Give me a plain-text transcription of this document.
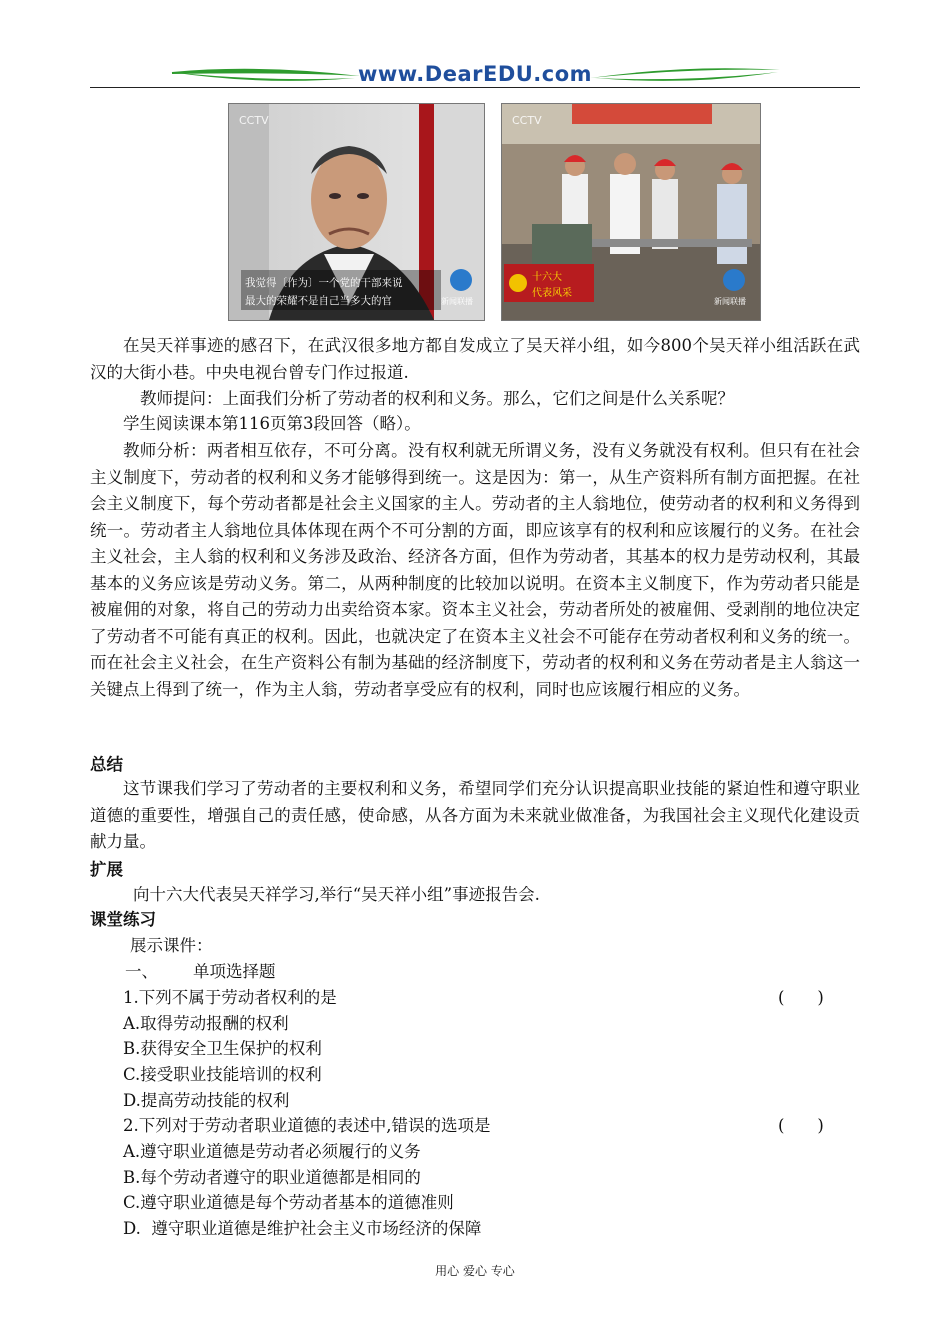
www.DearEDU.com
CCTV
我觉得〔作为〕一个党的干部来说
最大的荣耀不是自己当多大的官	新闻联播
CCTV
十六大
代表风采
新闻联播

在吴天祥事迹的感召下，在武汉很多地方都自发成立了吴天祥小组，如今800个吴天祥小组活跃在武汉的大街小巷。中央电视台曾专门作过报道.

教师提问：上面我们分析了劳动者的权利和义务。那么，它们之间是什么关系呢？

学生阅读课本第116页第3段回答（略）。

教师分析：两者相互依存，不可分离。没有权利就无所谓义务，没有义务就没有权利。但只有在社会主义制度下，劳动者的权利和义务才能够得到统一。这是因为：第一，从生产资料所有制方面把握。在社会主义制度下，每个劳动者都是社会主义国家的主人。劳动者的主人翁地位，使劳动者的权利和义务得到统一。劳动者主人翁地位具体体现在两个不可分割的方面，即应该享有的权利和应该履行的义务。在社会主义社会，主人翁的权利和义务涉及政治、经济各方面，但作为劳动者，其基本的权力是劳动权利，其最基本的义务应该是劳动义务。第二，从两种制度的比较加以说明。在资本主义制度下，作为劳动者只能是被雇佣的对象，将自己的劳动力出卖给资本家。资本主义社会，劳动者所处的被雇佣、受剥削的地位决定了劳动者不可能有真正的权利。因此，也就决定了在资本主义社会不可能存在劳动者权利和义务的统一。而在社会主义社会，在生产资料公有制为基础的经济制度下，劳动者的权利和义务在劳动者是主人翁这一关键点上得到了统一，作为主人翁，劳动者享受应有的权利，同时也应该履行相应的义务。

总结

这节课我们学习了劳动者的主要权利和义务，希望同学们充分认识提高职业技能的紧迫性和遵守职业道德的重要性，增强自己的责任感，使命感，从各方面为未来就业做准备，为我国社会主义现代化建设贡献力量。

扩展

向十六大代表吴天祥学习,举行“吴天祥小组”事迹报告会.

课堂练习

展示课件：

一、 单项选择题

1.下列不属于劳动者权利的是	(　　)

A.取得劳动报酬的权利

B.获得安全卫生保护的权利

C.接受职业技能培训的权利

D.提高劳动技能的权利

2.下列对于劳动者职业道德的表述中,错误的选项是	(　　)

A.遵守职业道德是劳动者必须履行的义务

B.每个劳动者遵守的职业道德都是相同的

C.遵守职业道德是每个劳动者基本的道德准则

D.  遵守职业道德是维护社会主义市场经济的保障

用心 爱心 专心
